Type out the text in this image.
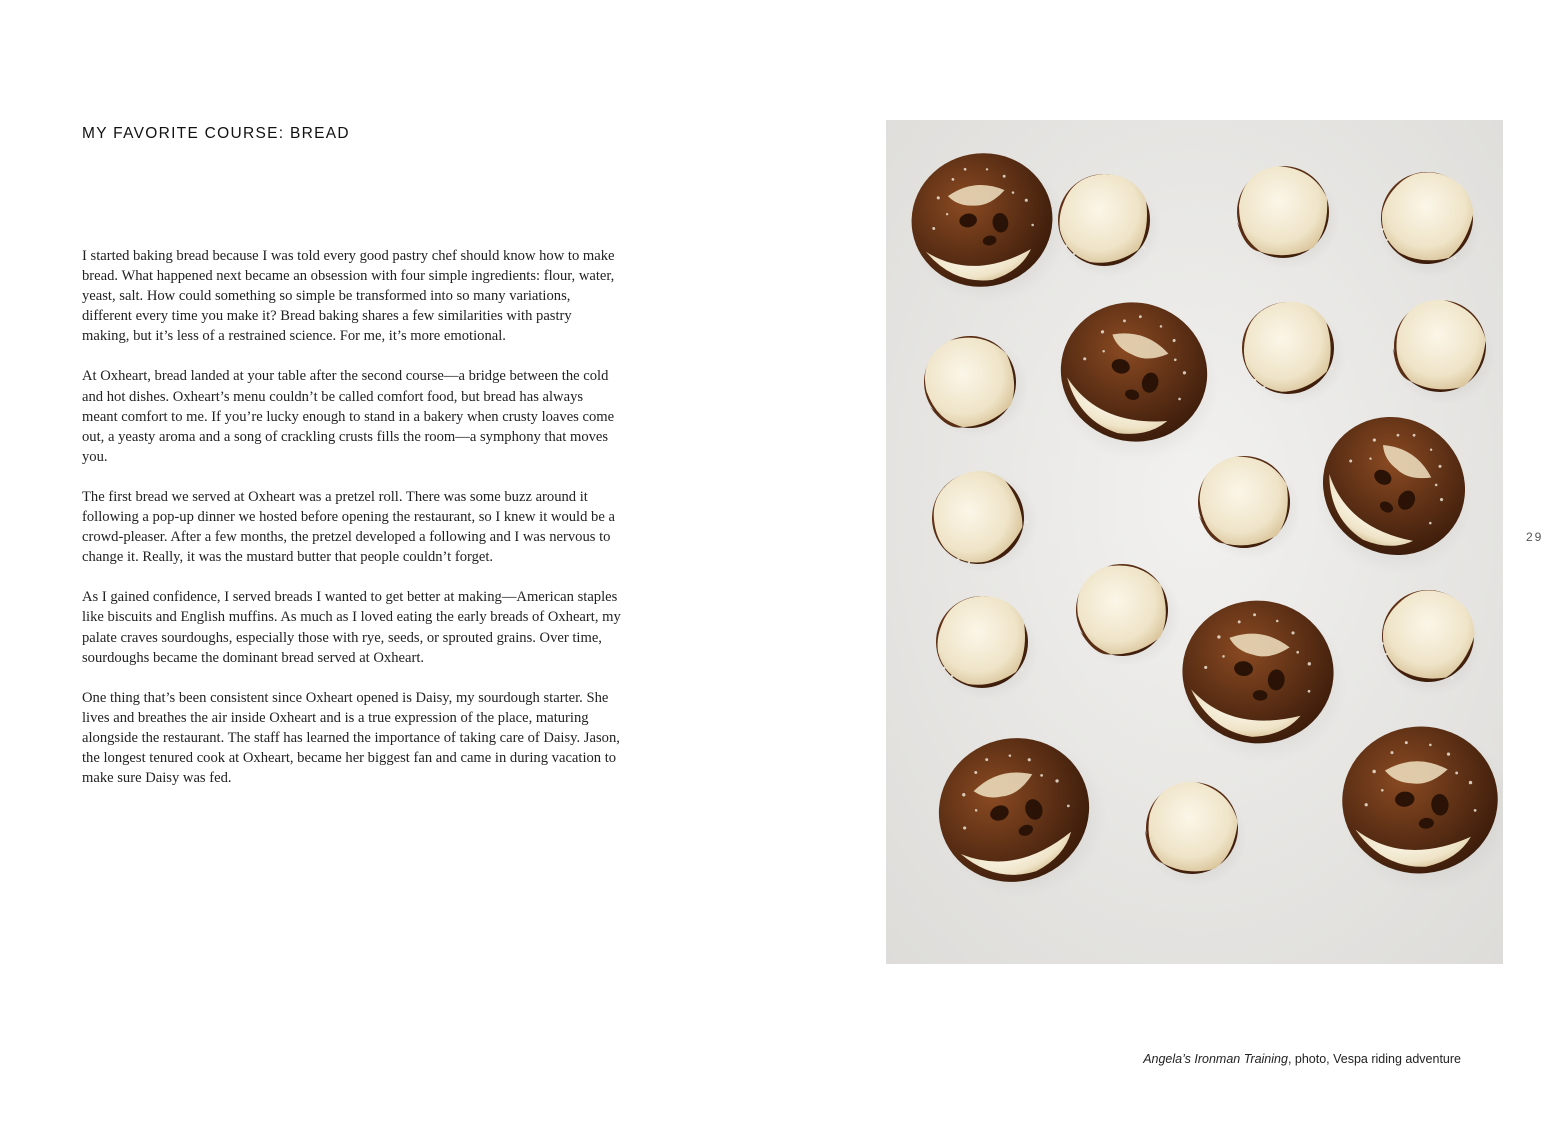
MY FAVORITE COURSE: BREAD

I started baking bread because I was told every good pastry chef should know how to make bread. What happened next became an obsession with four simple ingredients: flour, water, yeast, salt. How could something so simple be transformed into so many variations, different every time you make it? Bread baking shares a few similarities with pastry making, but it’s less of a restrained science. For me, it’s more emotional.

At Oxheart, bread landed at your table after the second course—a bridge between the cold and hot dishes. Oxheart’s menu couldn’t be called comfort food, but bread has always meant comfort to me. If you’re lucky enough to stand in a bakery when crusty loaves come out, a yeasty aroma and a song of crackling crusts fills the room—a symphony that moves you.

The first bread we served at Oxheart was a pretzel roll. There was some buzz around it following a pop-up dinner we hosted before opening the restaurant, so I knew it would be a crowd-pleaser. After a few months, the pretzel developed a following and I was nervous to change it. Really, it was the mustard butter that people couldn’t forget.

As I gained confidence, I served breads I wanted to get better at making—American staples like biscuits and English muffins. As much as I loved eating the early breads of Oxheart, my palate craves sourdoughs, especially those with rye, seeds, or sprouted grains. Over time, sourdoughs became the dominant bread served at Oxheart.

One thing that’s been consistent since Oxheart opened is Daisy, my sourdough starter. She lives and breathes the air inside Oxheart and is a true expression of the place, maturing alongside the restaurant. The staff has learned the importance of taking care of Daisy. Jason, the longest tenured cook at Oxheart, became her biggest fan and came in during vacation to make sure Daisy was fed.

29
Angela’s Ironman Training, photo, Vespa riding adventure
